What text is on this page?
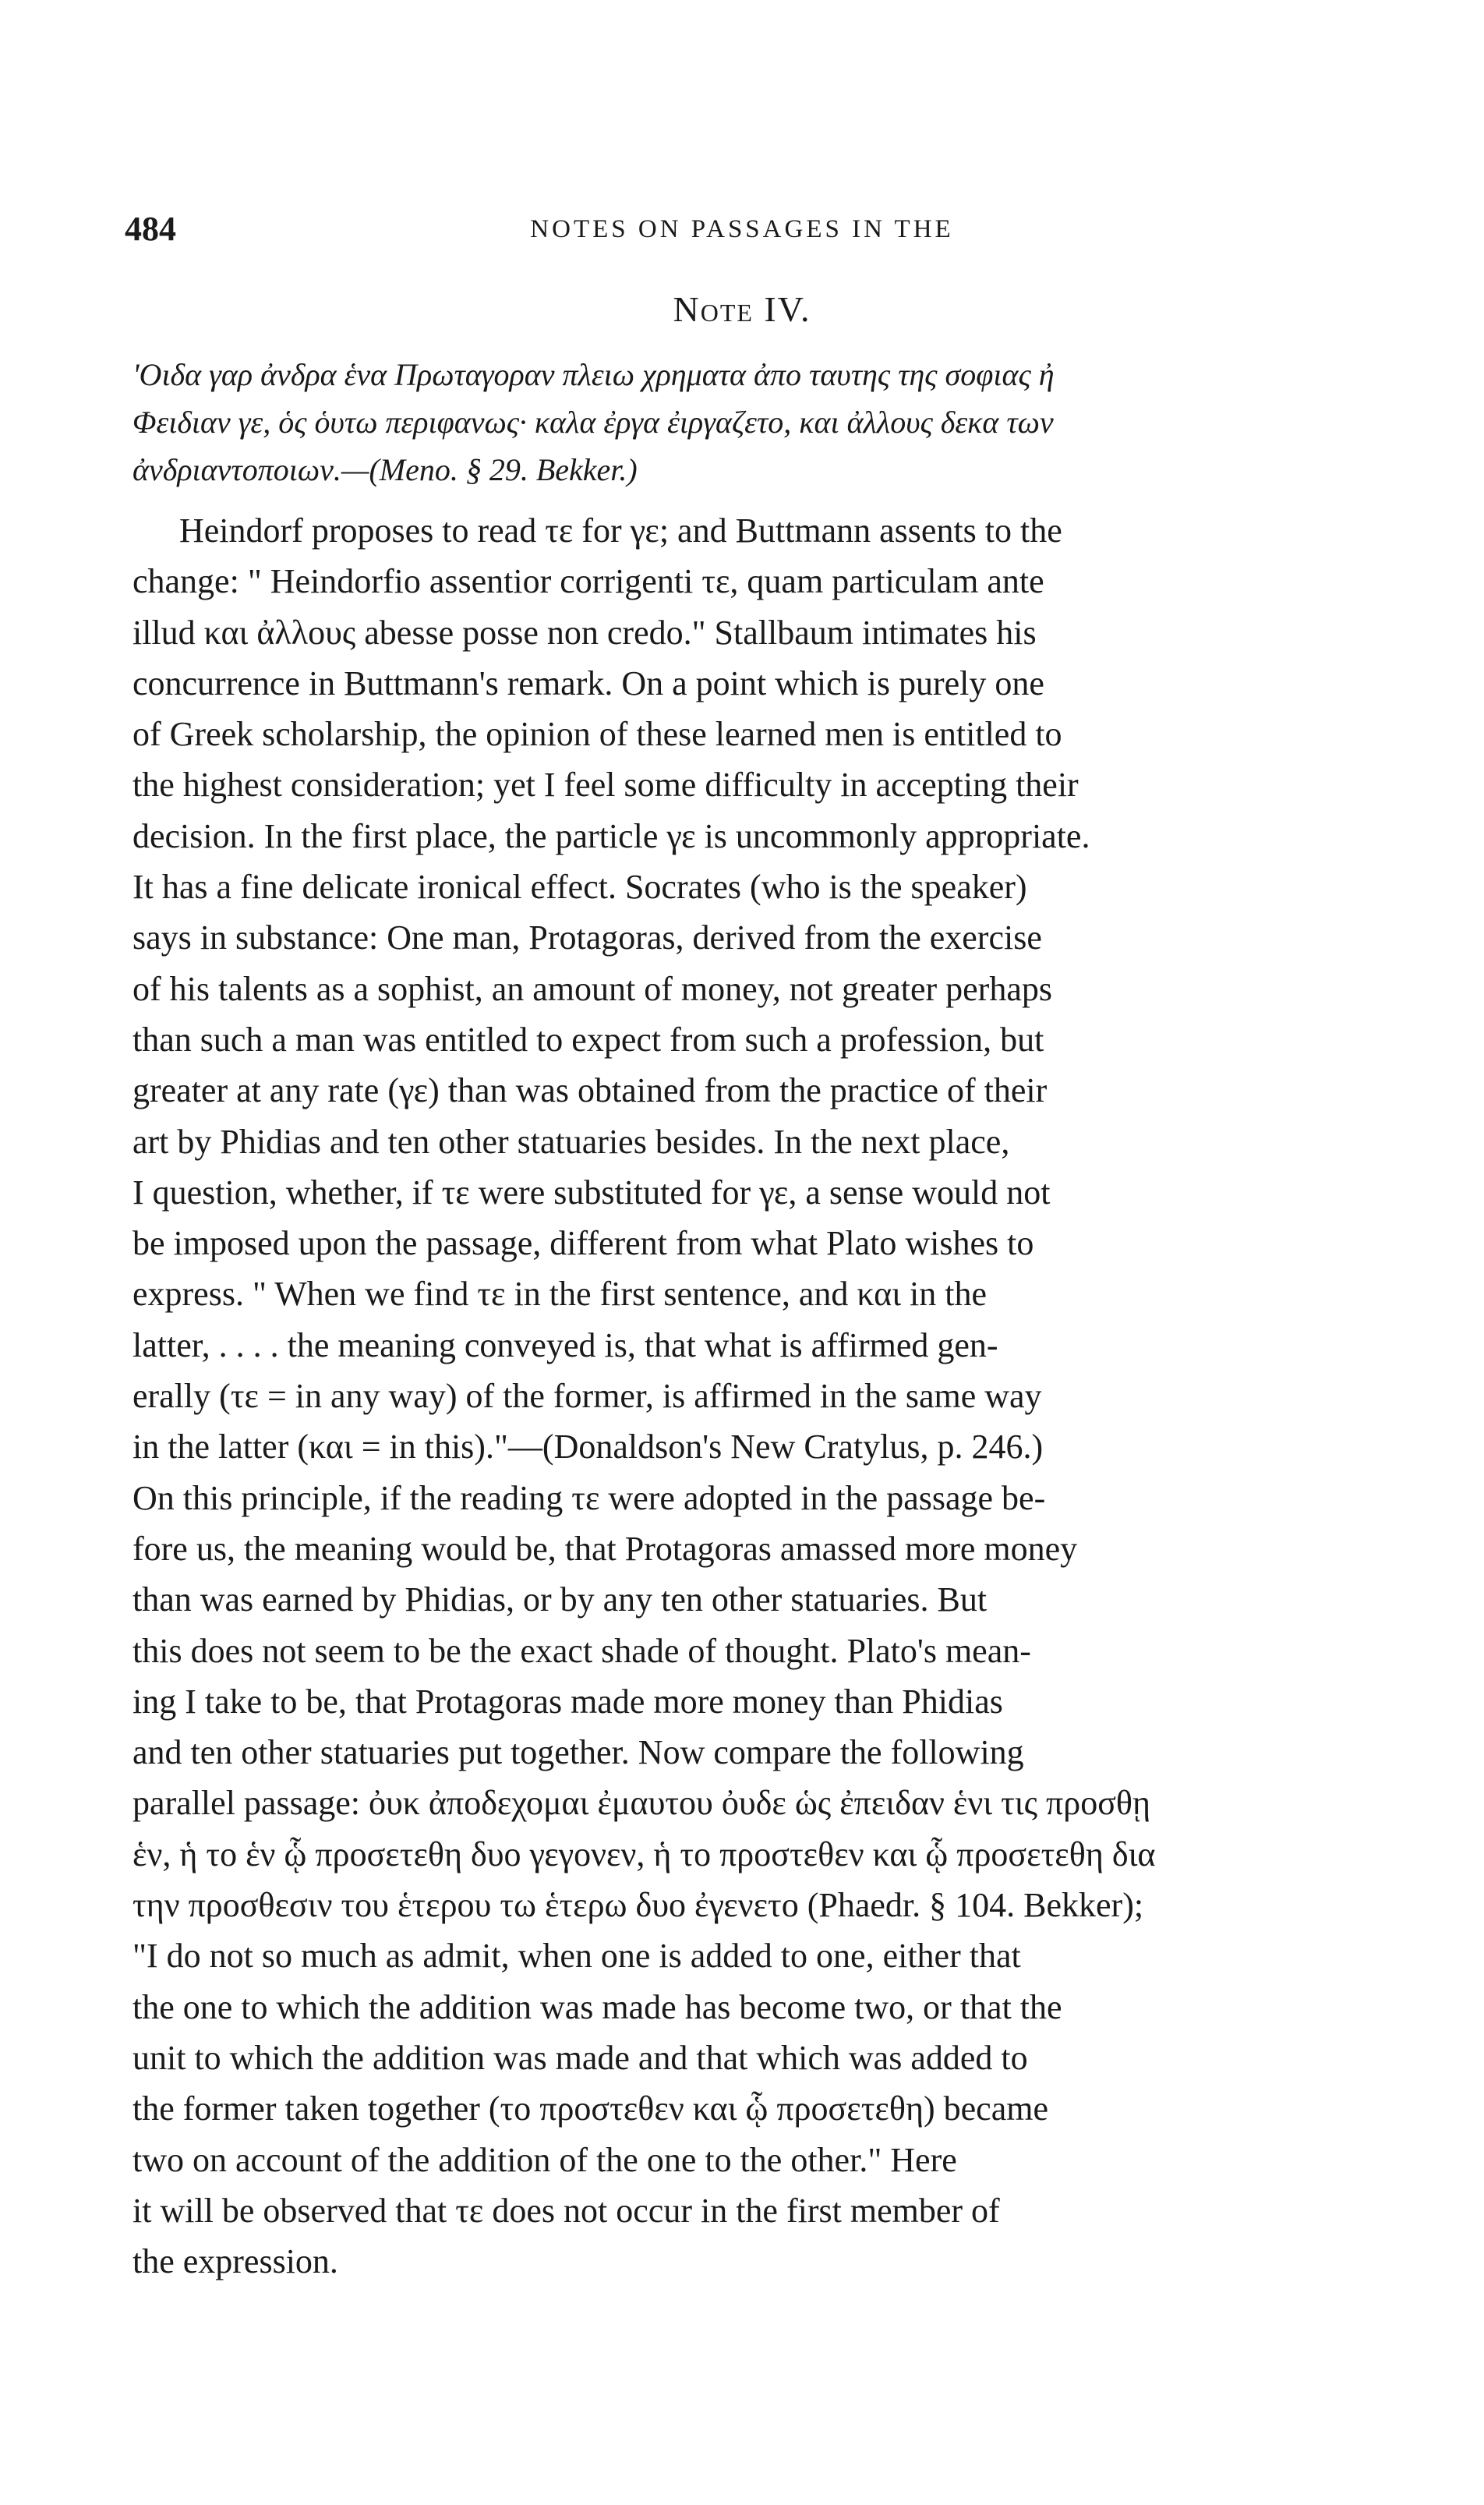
484	NOTES ON PASSAGES IN THE
Note IV.
'Οιδα γαρ ἀνδρα ἑνα Πρωταγοραν πλειω χρηματα ἀπο ταυτης της σοφιας ἠ
Φειδιαν γε, ὁς ὁυτω περιφανως· καλα ἐργα ἐιργαζετο, και ἀλλους δεκα των
ἀνδριαντοποιων.—(Meno. § 29. Bekker.)
Heindorf proposes to read τε for γε; and Buttmann assents to the
change: " Heindorfio assentior corrigenti τε, quam particulam ante
illud και ἀλλους abesse posse non credo." Stallbaum intimates his
concurrence in Buttmann's remark. On a point which is purely one
of Greek scholarship, the opinion of these learned men is entitled to
the highest consideration; yet I feel some difficulty in accepting their
decision. In the first place, the particle γε is uncommonly appropriate.
It has a fine delicate ironical effect. Socrates (who is the speaker)
says in substance: One man, Protagoras, derived from the exercise
of his talents as a sophist, an amount of money, not greater perhaps
than such a man was entitled to expect from such a profession, but
greater at any rate (γε) than was obtained from the practice of their
art by Phidias and ten other statuaries besides. In the next place,
I question, whether, if τε were substituted for γε, a sense would not
be imposed upon the passage, different from what Plato wishes to
express. " When we find τε in the first sentence, and και in the
latter, . . . . the meaning conveyed is, that what is affirmed gen-
erally (τε = in any way) of the former, is affirmed in the same way
in the latter (και = in this)."—(Donaldson's New Cratylus, p. 246.)
On this principle, if the reading τε were adopted in the passage be-
fore us, the meaning would be, that Protagoras amassed more money
than was earned by Phidias, or by any ten other statuaries. But
this does not seem to be the exact shade of thought. Plato's mean-
ing I take to be, that Protagoras made more money than Phidias
and ten other statuaries put together. Now compare the following
parallel passage: ὀυκ ἀποδεχομαι ἐμαυτου ὀυδε ὡς ἐπειδαν ἑνι τις προσθῃ
ἑν, ἡ το ἑν ᾧ προσετεθη δυο γεγονεν, ἡ το προστεθεν και ᾧ προσετεθη δια
την προσθεσιν του ἑτερου τω ἑτερω δυο ἐγενετο (Phaedr. § 104. Bekker);
"I do not so much as admit, when one is added to one, either that
the one to which the addition was made has become two, or that the
unit to which the addition was made and that which was added to
the former taken together (το προστεθεν και ᾧ προσετεθη) became
two on account of the addition of the one to the other." Here
it will be observed that τε does not occur in the first member of
the expression.
